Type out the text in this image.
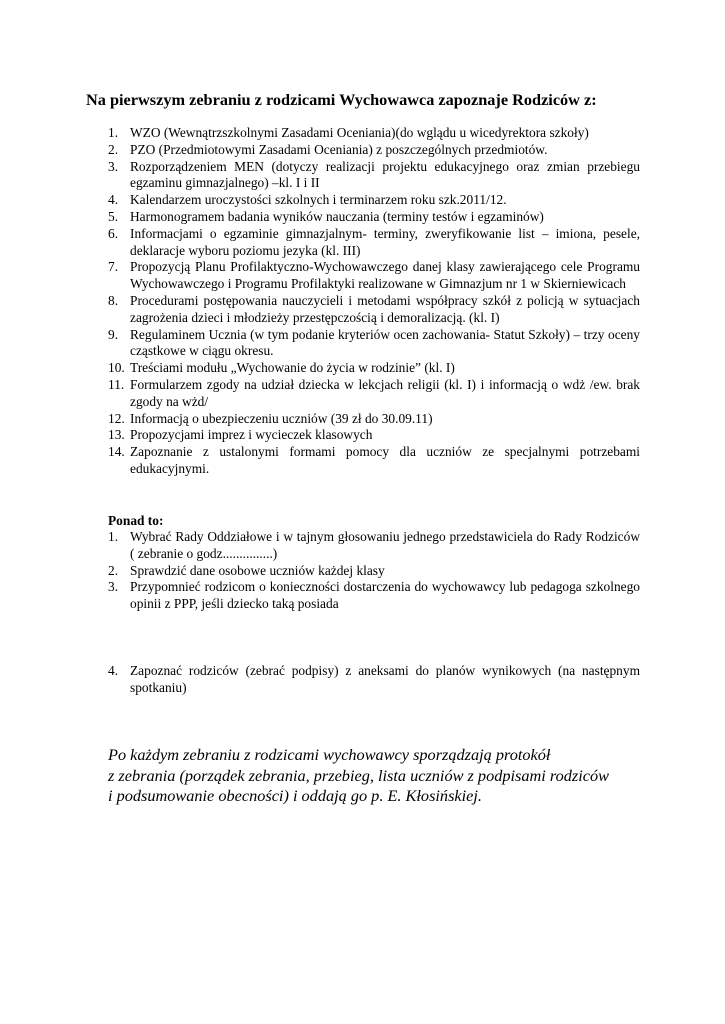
Na pierwszym zebraniu z rodzicami Wychowawca zapoznaje Rodziców z:
1. WZO (Wewnątrzszkolnymi Zasadami Oceniania)(do wglądu u wicedyrektora szkoły)
2. PZO (Przedmiotowymi Zasadami Oceniania) z poszczególnych przedmiotów.
3. Rozporządzeniem MEN (dotyczy realizacji projektu edukacyjnego oraz zmian przebiegu egzaminu gimnazjalnego) –kl. I i II
4. Kalendarzem uroczystości szkolnych i terminarzem roku szk.2011/12.
5. Harmonogramem badania wyników nauczania (terminy testów i egzaminów)
6. Informacjami o egzaminie gimnazjalnym- terminy, zweryfikowanie list – imiona, pesele, deklaracje wyboru poziomu jezyka (kl. III)
7. Propozycją Planu Profilaktyczno-Wychowawczego danej klasy zawierającego cele Programu Wychowawczego i Programu Profilaktyki realizowane w Gimnazjum nr 1 w Skierniewicach
8. Procedurami postępowania nauczycieli i metodami współpracy szkół z policją w sytuacjach zagrożenia dzieci i młodzieży przestępczością i demoralizacją. (kl. I)
9. Regulaminem Ucznia (w tym podanie kryteriów ocen zachowania- Statut Szkoły) – trzy oceny cząstkowe w ciągu okresu.
10. Treściami modułu „Wychowanie do życia w rodzinie” (kl. I)
11. Formularzem zgody na udział dziecka w lekcjach religii (kl. I) i informacją o wdż /ew. brak zgody na wżd/
12. Informacją o ubezpieczeniu uczniów (39 zł do 30.09.11)
13. Propozycjami imprez i wycieczek klasowych
14. Zapoznanie z ustalonymi formami pomocy dla uczniów ze specjalnymi potrzebami edukacyjnymi.
Ponad to:
1. Wybrać Rady Oddziałowe i w tajnym głosowaniu jednego przedstawiciela do Rady Rodziców ( zebranie o godz...............)
2. Sprawdzić dane osobowe uczniów każdej klasy
3. Przypomnieć rodzicom o konieczności dostarczenia do wychowawcy lub pedagoga szkolnego opinii z PPP, jeśli dziecko taką posiada
4. Zapoznać rodziców (zebrać podpisy) z aneksami do planów wynikowych (na następnym spotkaniu)
Po każdym zebraniu z rodzicami wychowawcy sporządzają protokół
z zebrania (porządek zebrania, przebieg, lista uczniów z podpisami rodziców
i podsumowanie obecności) i oddają go p. E. Kłosińskiej.
